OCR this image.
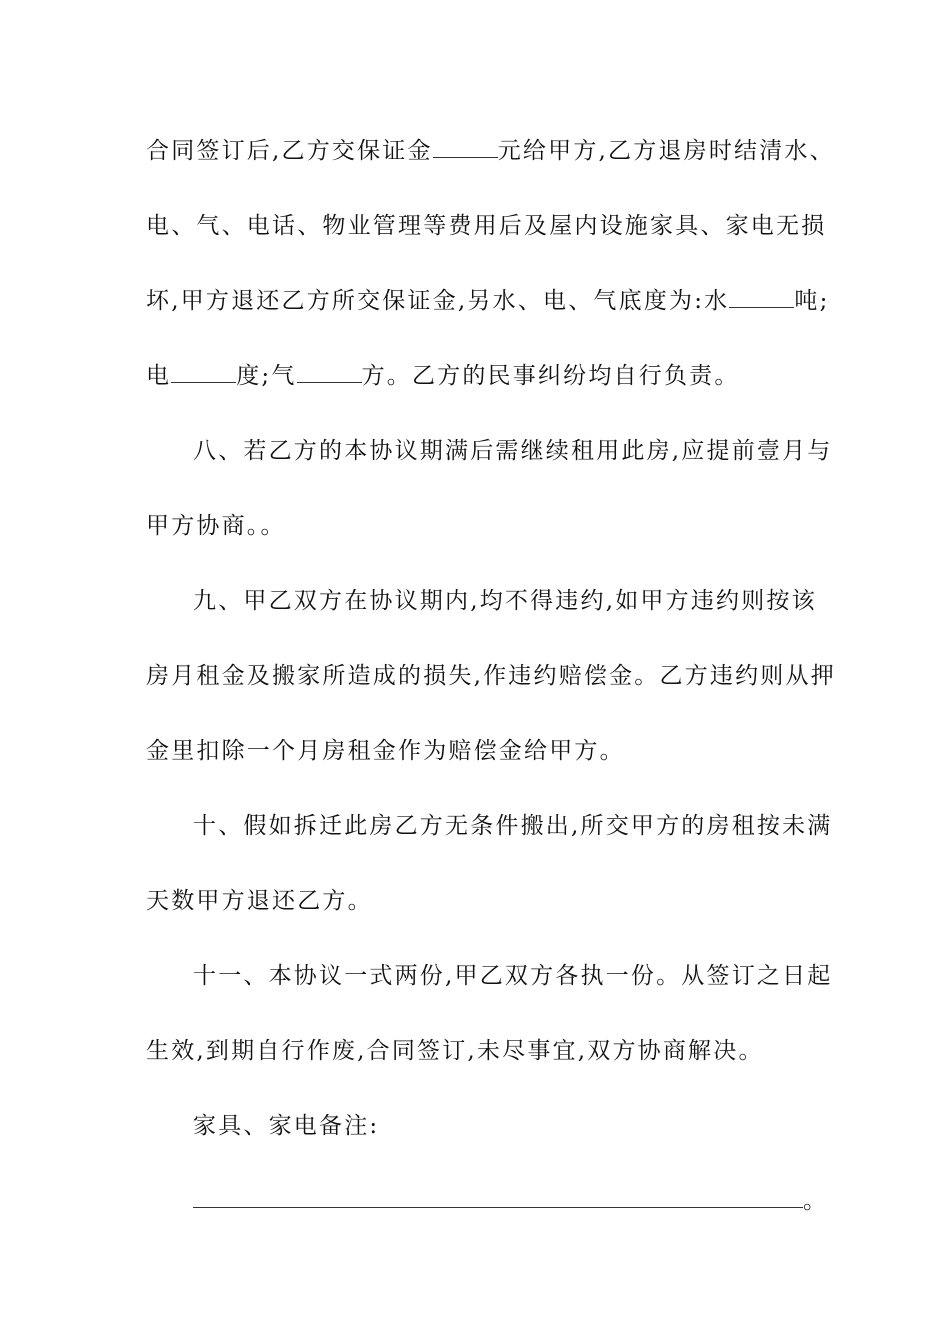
合同签订后,乙方交保证金	元给甲方,乙方退房时结清水、
电、气、电话、物业管理等费用后及屋内设施家具、家电无损
坏,甲方退还乙方所交保证金,另水、电、气底度为:水	吨;
电	度;气	方。乙方的民事纠纷均自行负责。
八、若乙方的本协议期满后需继续租用此房,应提前壹月与
甲方协商。。
九、甲乙双方在协议期内,均不得违约,如甲方违约则按该
房月租金及搬家所造成的损失,作违约赔偿金。乙方违约则从押
金里扣除一个月房租金作为赔偿金给甲方。
十、假如拆迁此房乙方无条件搬出,所交甲方的房租按未满
天数甲方退还乙方。
十一、本协议一式两份,甲乙双方各执一份。从签订之日起
生效,到期自行作废,合同签订,未尽事宜,双方协商解决。
家具、家电备注:
。
